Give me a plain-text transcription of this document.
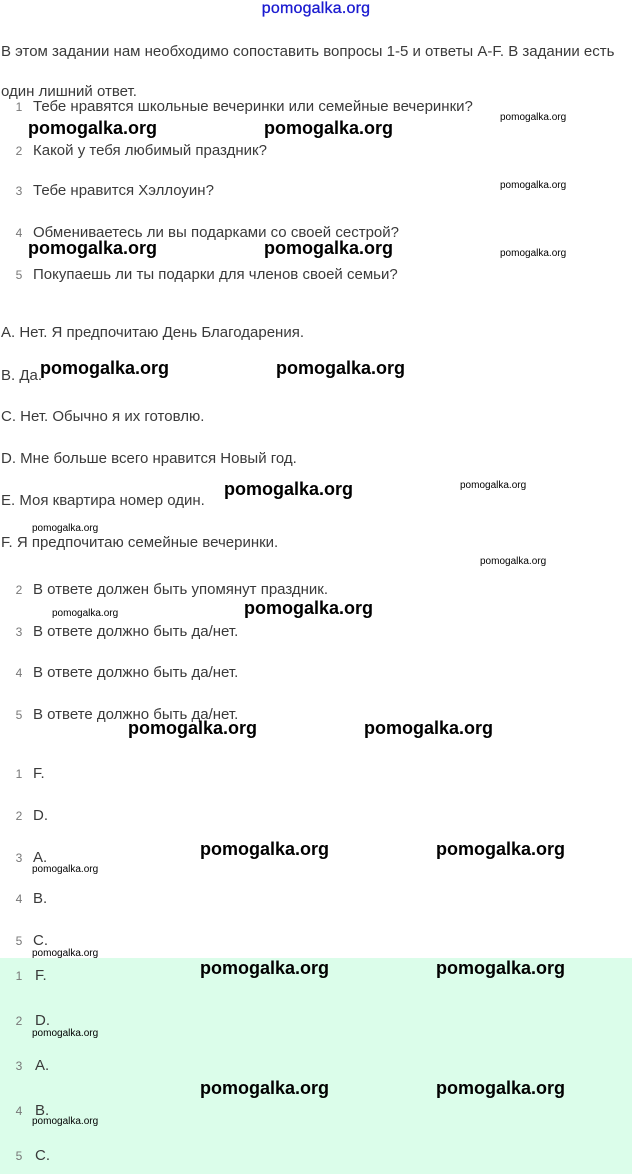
pomogalka.org

В этом задании нам необходимо сопоставить вопросы 1-5 и ответы A-F. В задании есть один лишний ответ.

1 Тебе нравятся школьные вечеринки или семейные вечеринки?
2 Какой у тебя любимый праздник?
3 Тебе нравится Хэллоуин?
4 Обмениваетесь ли вы подарками со своей сестрой?
5 Покупаешь ли ты подарки для членов своей семьи?
A. Нет. Я предпочитаю День Благодарения.
B. Да.
C. Нет. Обычно я их готовлю.
D. Мне больше всего нравится Новый год.
E. Моя квартира номер один.
F. Я предпочитаю семейные вечеринки.
2 В ответе должен быть упомянут праздник.
3 В ответе должно быть да/нет.
4 В ответе должно быть да/нет.
5 В ответе должно быть да/нет.
1 F.
2 D.
3 A.
4 B.
5 C.
1 F.
2 D.
3 A.
4 B.
5 C.
pomogalka.org	pomogalka.org
pomogalka.org
pomogalka.org
pomogalka.org	pomogalka.org	pomogalka.org
pomogalka.org	pomogalka.org
pomogalka.org	pomogalka.org
pomogalka.org
pomogalka.org
pomogalka.org	pomogalka.org
pomogalka.org	pomogalka.org
pomogalka.org	pomogalka.org
pomogalka.org
pomogalka.org
pomogalka.org	pomogalka.org
pomogalka.org
pomogalka.org	pomogalka.org
pomogalka.org
